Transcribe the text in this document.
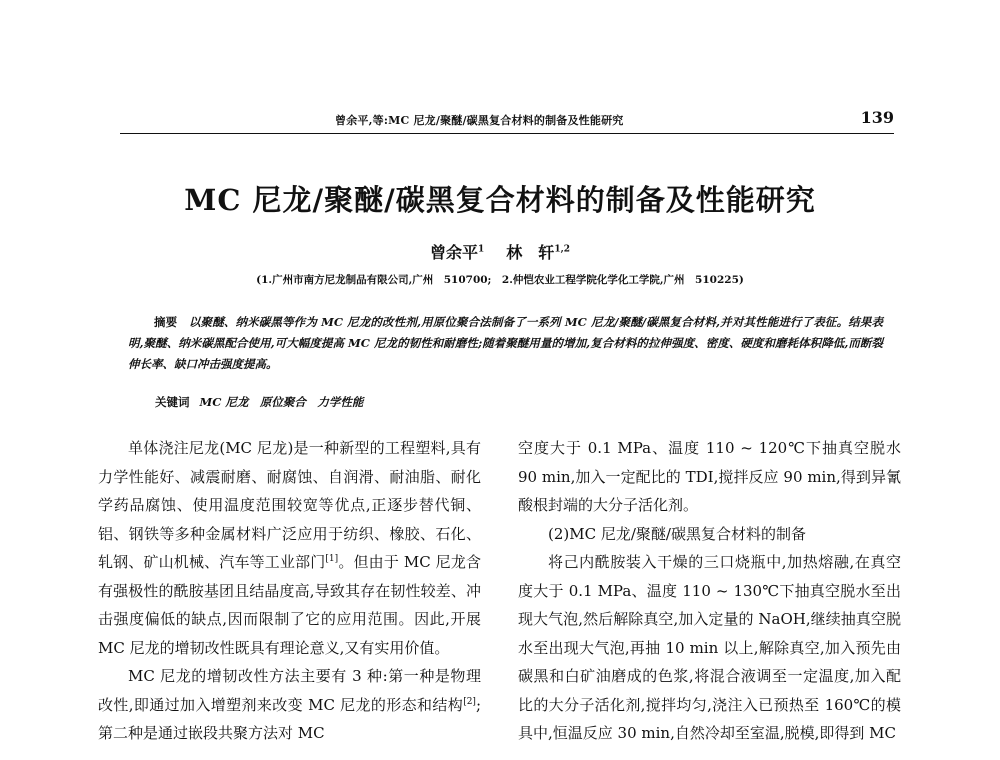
曾余平,等:MC 尼龙/聚醚/碳黑复合材料的制备及性能研究	139
MC 尼龙/聚醚/碳黑复合材料的制备及性能研究
曾余平$^1$ 林　轩$^{1,2}$
(1.广州市南方尼龙制品有限公司,广州　510700;　2.仲恺农业工程学院化学化工学院,广州　510225)

摘要　 以聚醚、纳米碳黑等作为 MC 尼龙的改性剂,用原位聚合法制备了一系列 MC 尼龙/聚醚/碳黑复合材料,并对其性能进行了表征。结果表明,聚醚、纳米碳黑配合使用,可大幅度提高 MC 尼龙的韧性和耐磨性;随着聚醚用量的增加,复合材料的拉伸强度、密度、硬度和磨耗体积降低,而断裂伸长率、缺口冲击强度提高。

关键词 MC 尼龙　原位聚合　力学性能

单体浇注尼龙(MC 尼龙)是一种新型的工程塑料,具有力学性能好、减震耐磨、耐腐蚀、自润滑、耐油脂、耐化学药品腐蚀、使用温度范围较宽等优点,正逐步替代铜、铝、钢铁等多种金属材料广泛应用于纺织、橡胶、石化、轧钢、矿山机械、汽车等工业部门[1]。但由于 MC 尼龙含有强极性的酰胺基团且结晶度高,导致其存在韧性较差、冲击强度偏低的缺点,因而限制了它的应用范围。因此,开展 MC 尼龙的增韧改性既具有理论意义,又有实用价值。

MC 尼龙的增韧改性方法主要有 3 种:第一种是物理改性,即通过加入增塑剂来改变 MC 尼龙的形态和结构[2];第二种是通过嵌段共聚方法对 MC

空度大于 0.1 MPa、温度 110 ~ 120℃下抽真空脱水 90 min,加入一定配比的 TDI,搅拌反应 90 min,得到异氰酸根封端的大分子活化剂。

(2)MC 尼龙/聚醚/碳黑复合材料的制备

将己内酰胺装入干燥的三口烧瓶中,加热熔融,在真空度大于 0.1 MPa、温度 110 ~ 130℃下抽真空脱水至出现大气泡,然后解除真空,加入定量的 NaOH,继续抽真空脱水至出现大气泡,再抽 10 min 以上,解除真空,加入预先由碳黑和白矿油磨成的色浆,将混合液调至一定温度,加入配比的大分子活化剂,搅拌均匀,浇注入已预热至 160℃的模具中,恒温反应 30 min,自然冷却至室温,脱模,即得到 MC
